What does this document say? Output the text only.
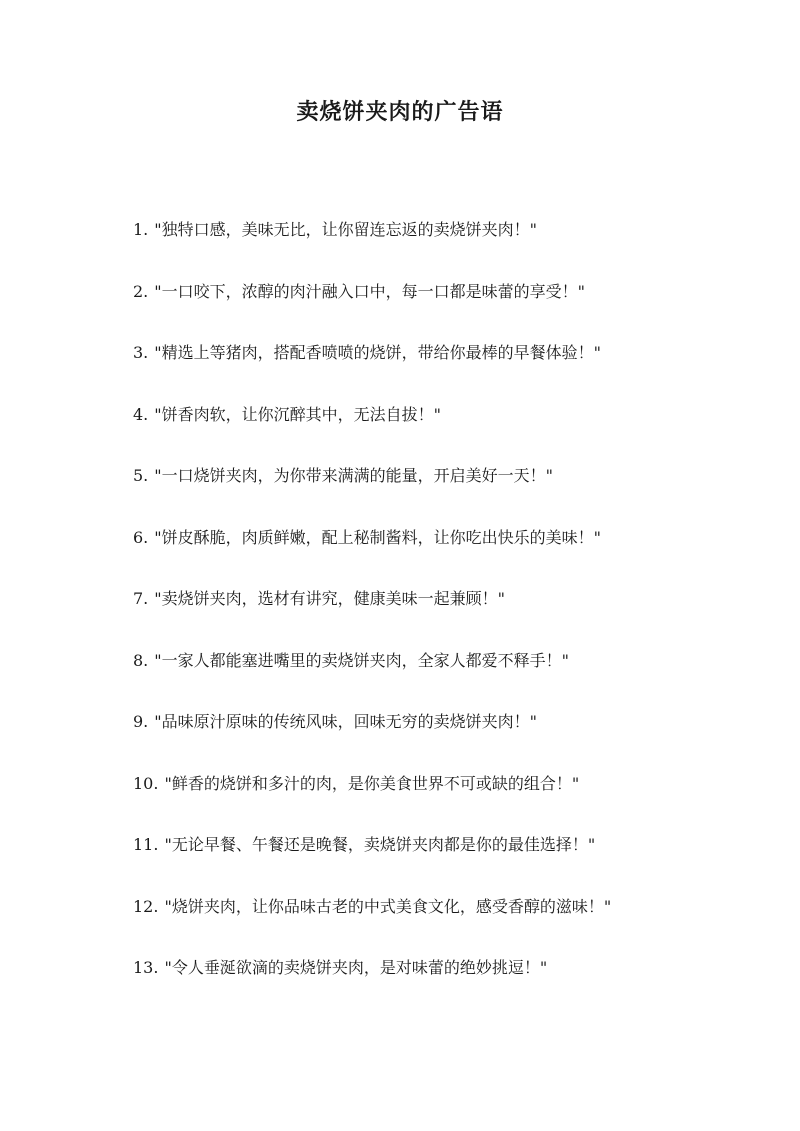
卖烧饼夹肉的广告语
1. "独特口感，美味无比，让你留连忘返的卖烧饼夹肉！"
2. "一口咬下，浓醇的肉汁融入口中，每一口都是味蕾的享受！"
3. "精选上等猪肉，搭配香喷喷的烧饼，带给你最棒的早餐体验！"
4. "饼香肉软，让你沉醉其中，无法自拔！"
5. "一口烧饼夹肉，为你带来满满的能量，开启美好一天！"
6. "饼皮酥脆，肉质鲜嫩，配上秘制酱料，让你吃出快乐的美味！"
7. "卖烧饼夹肉，选材有讲究，健康美味一起兼顾！"
8. "一家人都能塞进嘴里的卖烧饼夹肉，全家人都爱不释手！"
9. "品味原汁原味的传统风味，回味无穷的卖烧饼夹肉！"
10. "鲜香的烧饼和多汁的肉，是你美食世界不可或缺的组合！"
11. "无论早餐、午餐还是晚餐，卖烧饼夹肉都是你的最佳选择！"
12. "烧饼夹肉，让你品味古老的中式美食文化，感受香醇的滋味！"
13. "令人垂涎欲滴的卖烧饼夹肉，是对味蕾的绝妙挑逗！"
